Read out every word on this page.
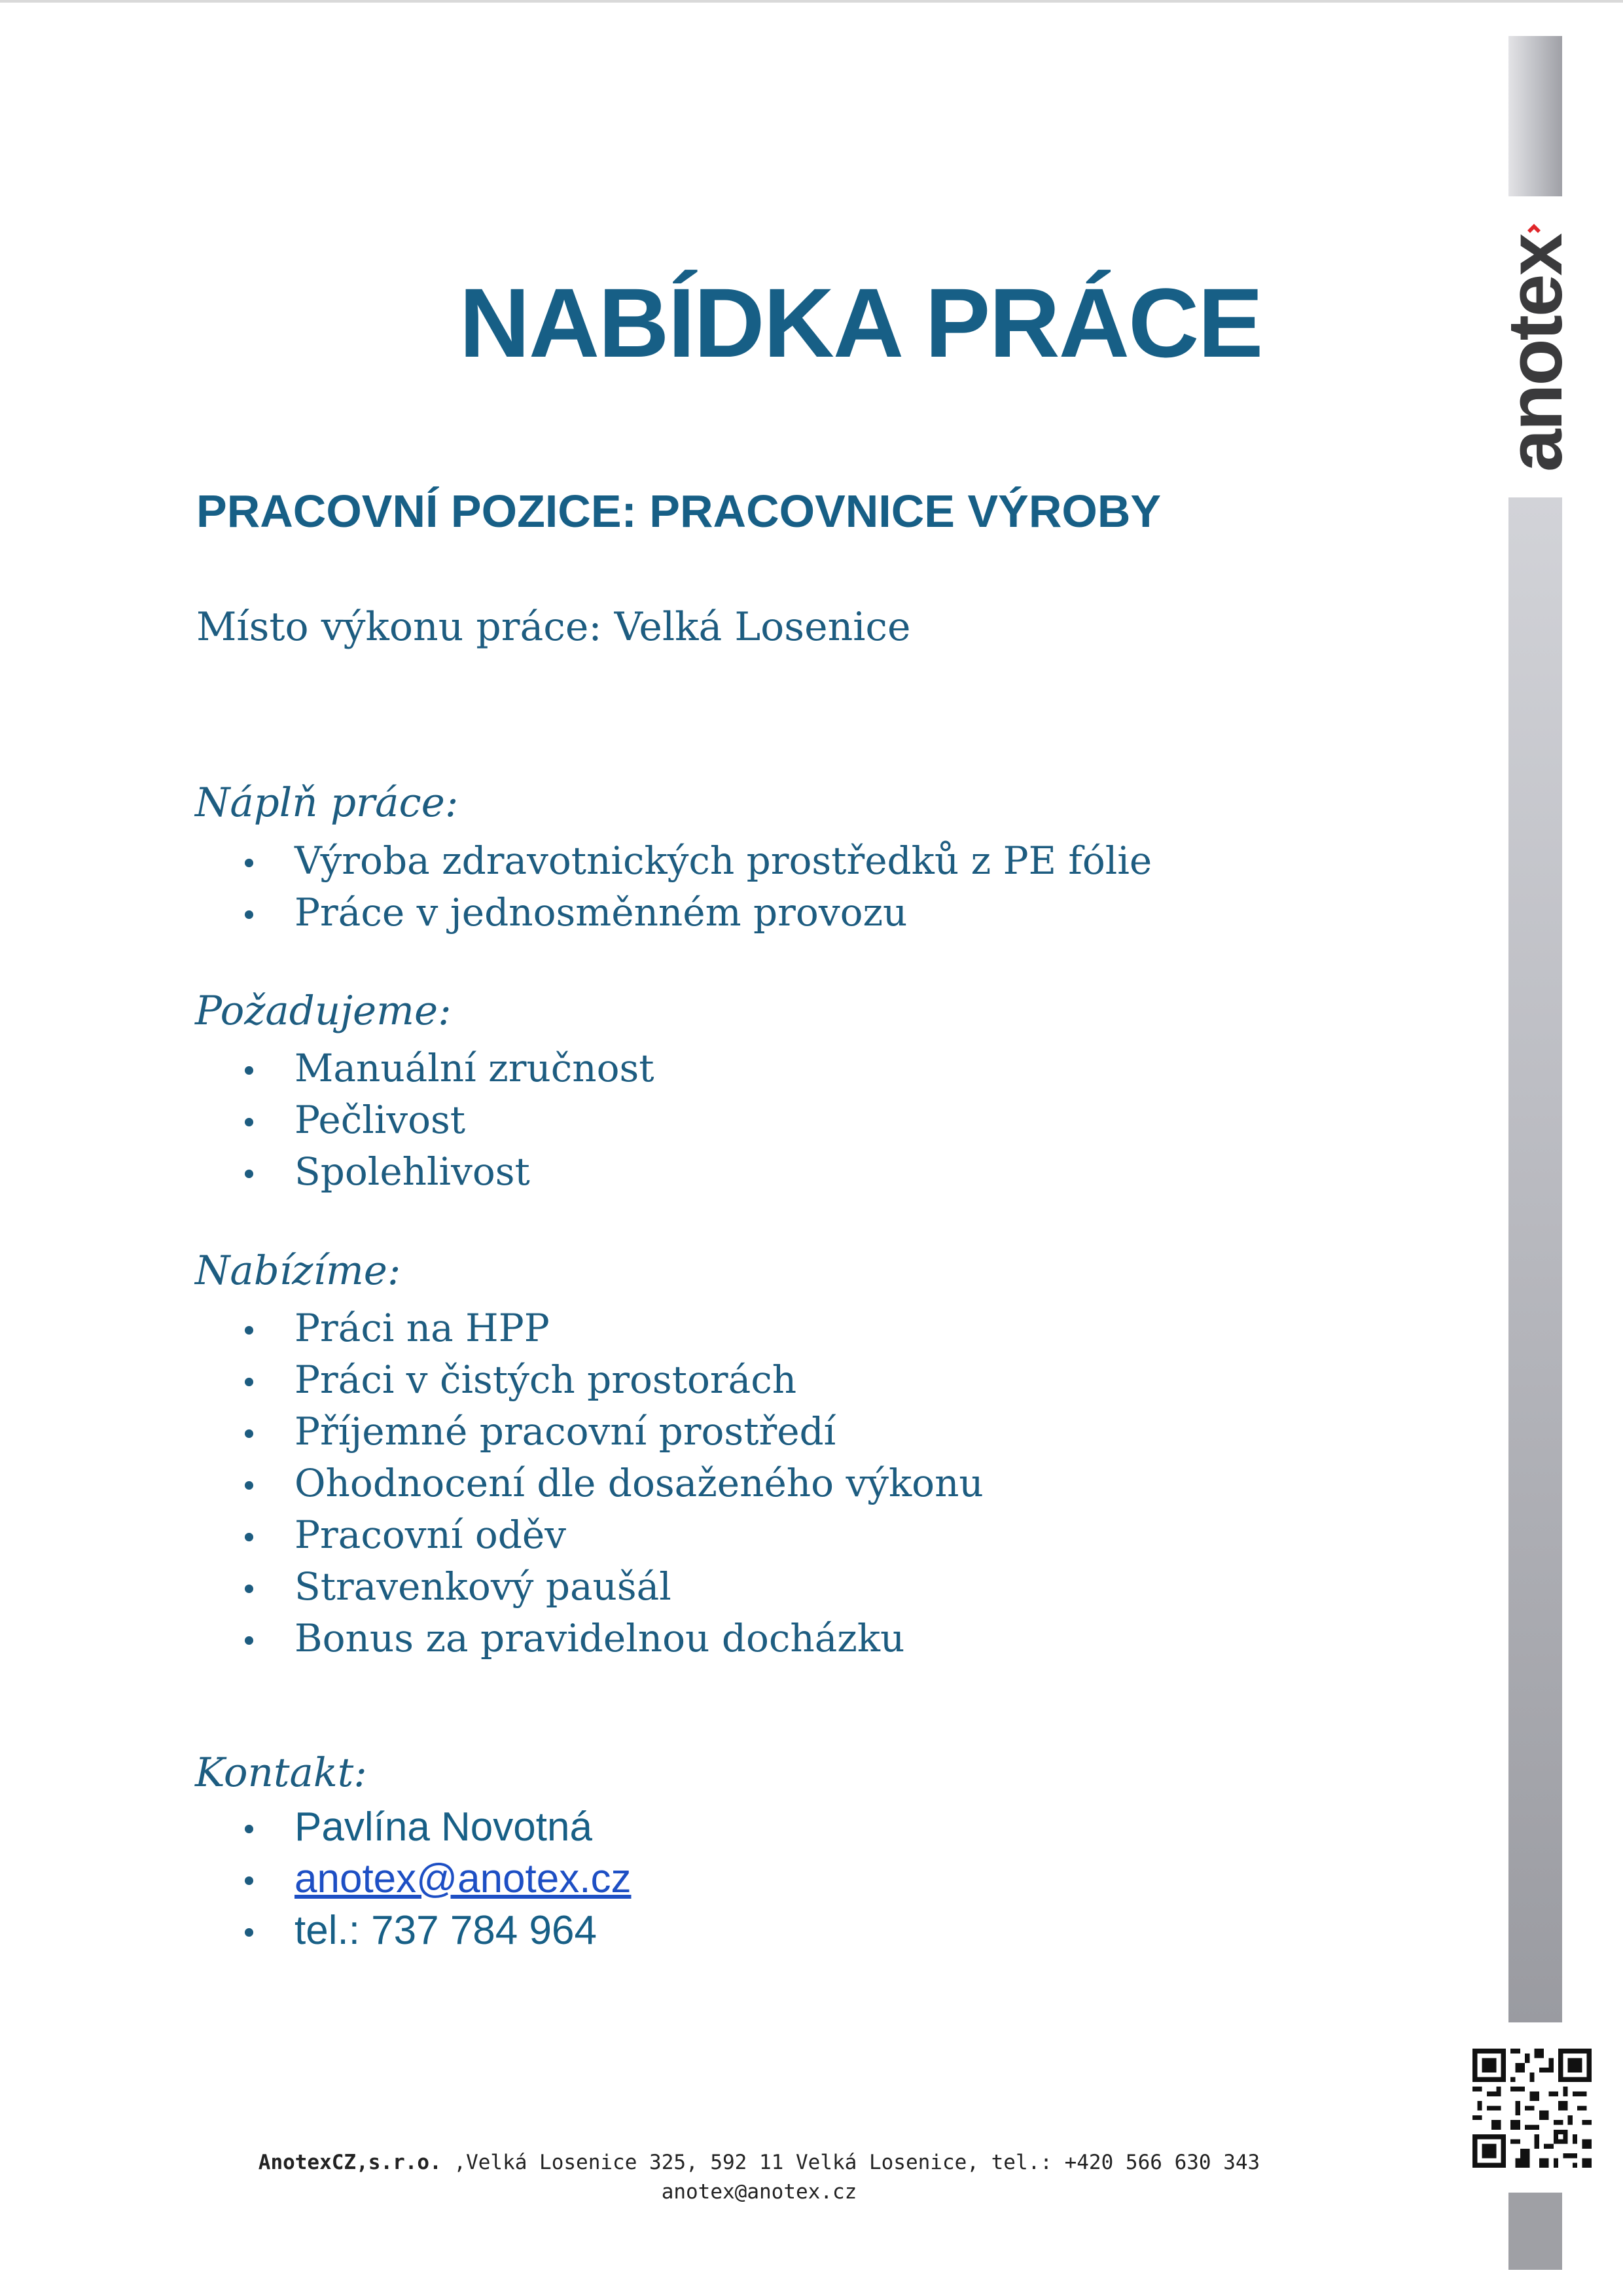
NABÍDKA PRÁCE
PRACOVNÍ POZICE: PRACOVNICE VÝROBY
Místo výkonu práce: Velká Losenice
Náplň práce:
Výroba zdravotnických prostředků z PE fólie
Práce v jednosměnném provozu
Požadujeme:
Manuální zručnost
Pečlivost
Spolehlivost
Nabízíme:
Práci na HPP
Práci v čistých prostorách
Příjemné pracovní prostředí
Ohodnocení dle dosaženého výkonu
Pracovní oděv
Stravenkový paušál
Bonus za pravidelnou docházku
Kontakt:
Pavlína Novotná
anotex@anotex.cz
tel.: 737 784 964
AnotexCZ,s.r.o. ,Velká Losenice 325, 592 11 Velká Losenice, tel.: +420 566 630 343
anotex@anotex.cz
anotex
